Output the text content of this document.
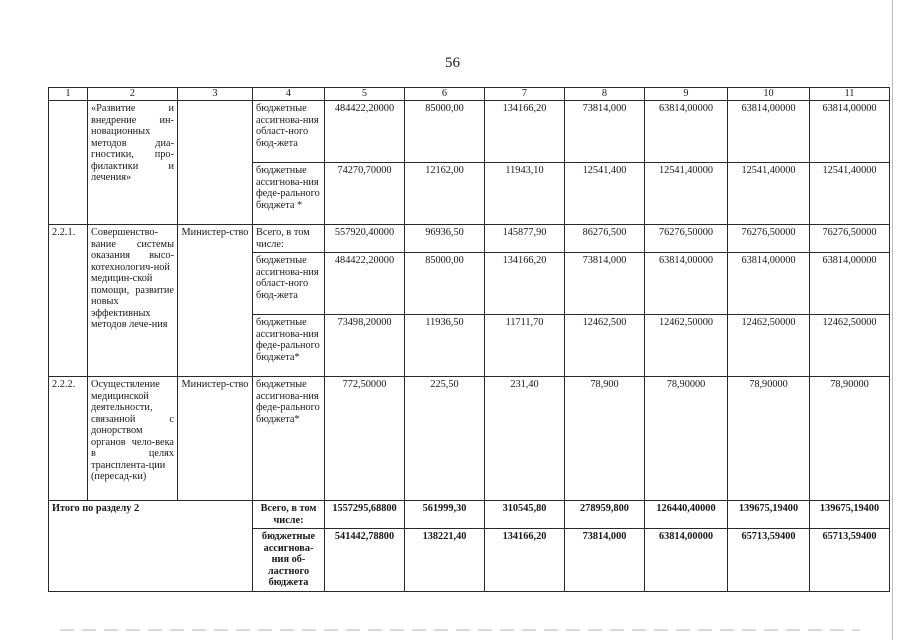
56
1	2	3	4	5	6	7	8	9	10	11
	«Развитие и внедрение ин-новационных методов диа-гностики, про-филактики и лечения»		бюджетные ассигнова-ния област-ного бюд-жета	484422,20000	85000,00	134166,20	73814,000	63814,00000	63814,00000	63814,00000
			бюджетные ассигнова-ния феде-рального бюджета *	74270,70000	12162,00	11943,10	12541,400	12541,40000	12541,40000	12541,40000
2.2.1.	Совершенство-вание системы оказания высо-котехнологич-ной медицин-ской помощи, развитие новых эффективных методов лече-ния	Министер-ство	Всего, в том числе:	557920,40000	96936,50	145877,90	86276,500	76276,50000	76276,50000	76276,50000
			бюджетные ассигнова-ния област-ного бюд-жета	484422,20000	85000,00	134166,20	73814,000	63814,00000	63814,00000	63814,00000
			бюджетные ассигнова-ния феде-рального бюджета*	73498,20000	11936,50	11711,70	12462,500	12462,50000	12462,50000	12462,50000
2.2.2.	Осуществление медицинской деятельности, связанной с донорством органов чело-века в целях трансплента-ции (пересад-ки)	Министер-ство	бюджетные ассигнова-ния феде-рального бюджета*	772,50000	225,50	231,40	78,900	78,90000	78,90000	78,90000
Итого по разделу 2			Всего, в том числе:	1557295,68800	561999,30	310545,80	278959,800	126440,40000	139675,19400	139675,19400
			бюджетные ассигнова-ния об-ластного бюджета	541442,78800	138221,40	134166,20	73814,000	63814,00000	65713,59400	65713,59400
